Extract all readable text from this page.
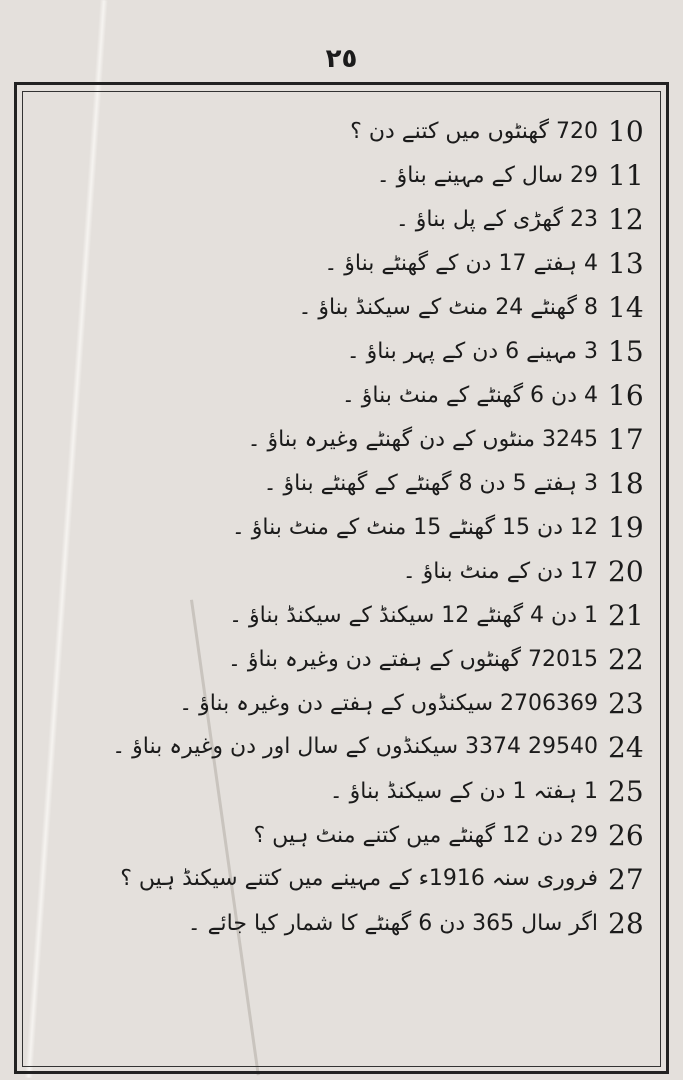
٢٥
10
720 گھنٹوں میں کتنے دن ؟
11
29 سال کے مہینے بناؤ ۔
12
23 گھڑی کے پل بناؤ ۔
13
4 ہفتے 17 دن کے گھنٹے بناؤ ۔
14
8 گھنٹے 24 منٹ کے سیکنڈ بناؤ ۔
15
3 مہینے 6 دن کے پہر بناؤ ۔
16
4 دن 6 گھنٹے کے منٹ بناؤ ۔
17
3245 منٹوں کے دن گھنٹے وغیرہ بناؤ ۔
18
3 ہفتے 5 دن 8 گھنٹے کے گھنٹے بناؤ ۔
19
12 دن 15 گھنٹے 15 منٹ کے منٹ بناؤ ۔
20
17 دن کے منٹ بناؤ ۔
21
1 دن 4 گھنٹے 12 سیکنڈ کے سیکنڈ بناؤ ۔
22
72015 گھنٹوں کے ہفتے دن وغیرہ بناؤ ۔
23
2706369 سیکنڈوں کے ہفتے دن وغیرہ بناؤ ۔
24
29540 3374 سیکنڈوں کے سال اور دن وغیرہ بناؤ ۔
25
1 ہفتہ 1 دن کے سیکنڈ بناؤ ۔
26
29 دن 12 گھنٹے میں کتنے منٹ ہیں ؟
27
فروری سنہ 1916ء کے مہینے میں کتنے سیکنڈ ہیں ؟
28
اگر سال 365 دن 6 گھنٹے کا شمار کیا جائے ۔
